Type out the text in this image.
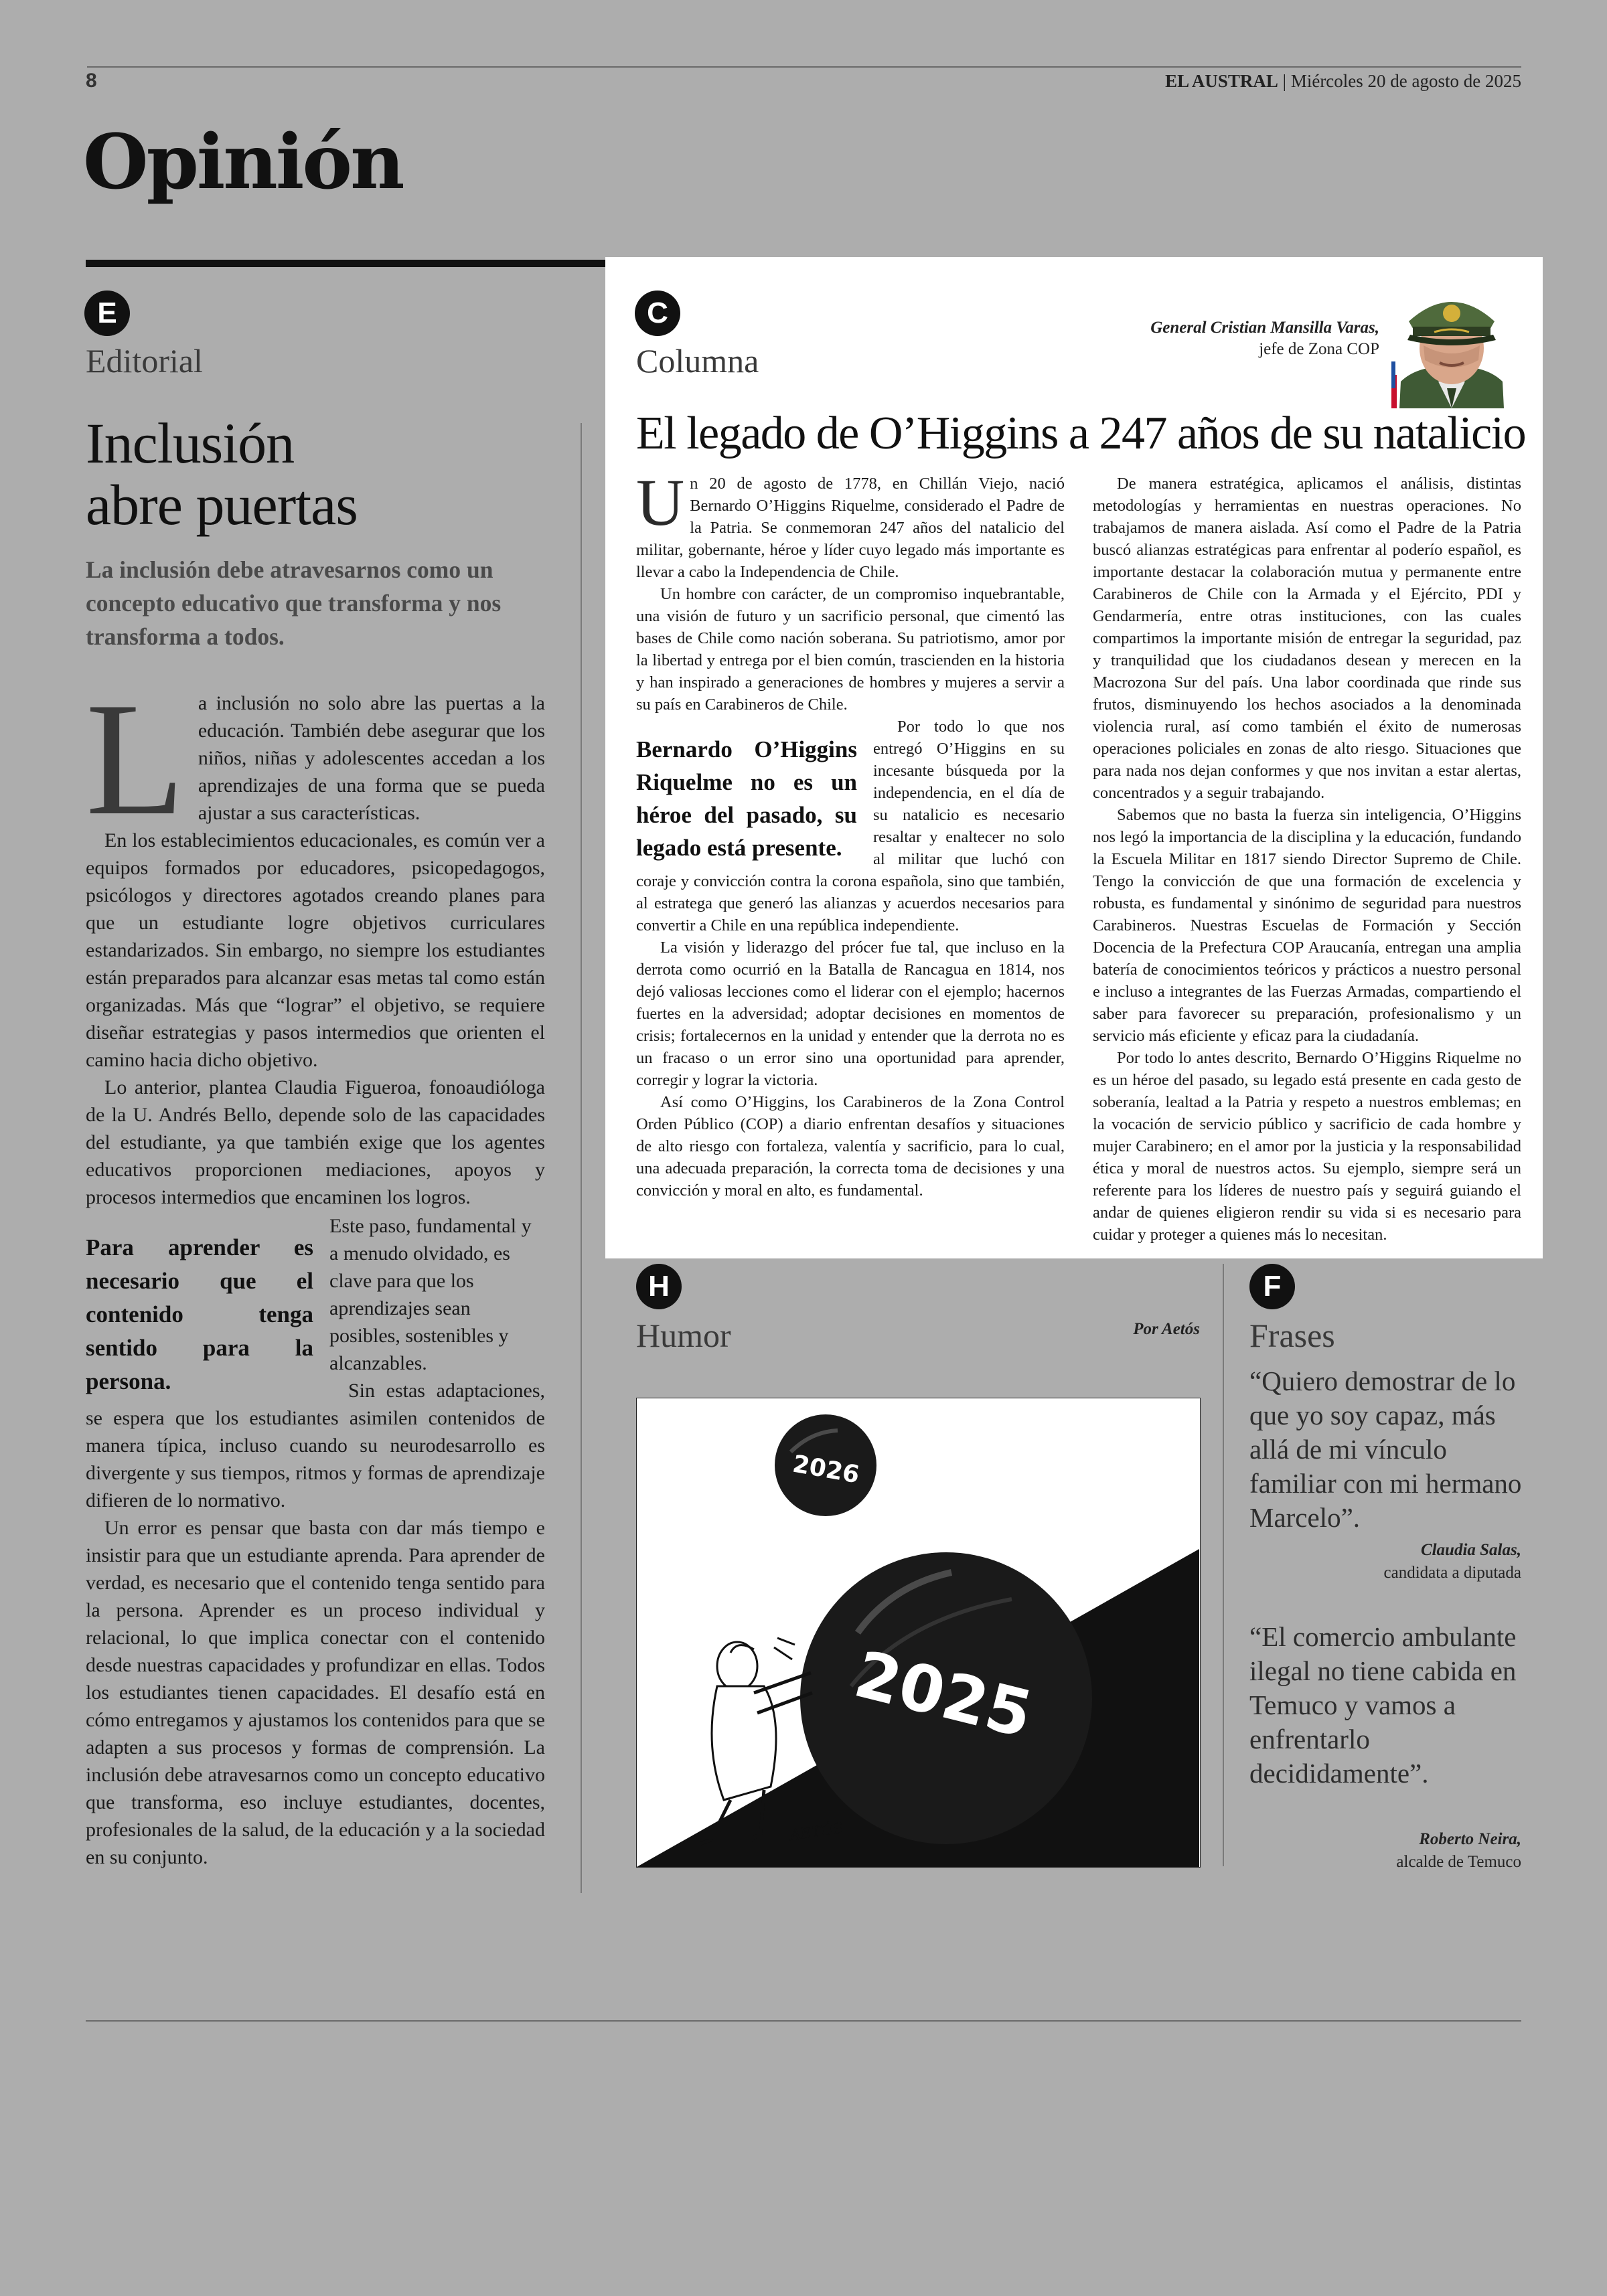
8	EL AUSTRAL | Miércoles 20 de agosto de 2025
Opinión
E
Editorial
Inclusión
abre puertas
La inclusión debe atravesarnos como un concepto educativo que transforma y nos transforma a todos.

La inclusión no solo abre las puertas a la educación. También debe asegurar que los niños, niñas y adolescentes accedan a los aprendizajes de una forma que se pueda ajustar a sus características.

En los establecimientos educacionales, es común ver a equipos formados por educadores, psicopedagogos, psicólogos y directores agotados creando planes para que un estudiante logre objetivos curriculares estandarizados. Sin embargo, no siempre los estudiantes están preparados para alcanzar esas metas tal como están organizadas. Más que “lograr” el objetivo, se requiere diseñar estrategias y pasos intermedios que orienten el camino hacia dicho objetivo.

Lo anterior, plantea Claudia Figueroa, fonoaudióloga de la U. Andrés Bello, depende solo de las capacidades del estudiante, ya que también exige que los agentes educativos proporcionen mediaciones, apoyos y procesos intermedios que encaminen los logros.

Para aprender es necesario que el contenido tenga sentido para la persona.

Este paso, fundamental y a menudo olvidado, es clave para que los aprendizajes sean posibles, sostenibles y alcanzables.

Sin estas adaptaciones, se espera que los estudiantes asimilen contenidos de manera típica, incluso cuando su neurodesarrollo es divergente y sus tiempos, ritmos y formas de aprendizaje difieren de lo normativo.

Un error es pensar que basta con dar más tiempo e insistir para que un estudiante aprenda. Para aprender de verdad, es necesario que el contenido tenga sentido para la persona. Aprender es un proceso individual y relacional, lo que implica conectar con el contenido desde nuestras capacidades y profundizar en ellas. Todos los estudiantes tienen capacidades. El desafío está en cómo entregamos y ajustamos los contenidos para que se adapten a sus procesos y formas de comprensión. La inclusión debe atravesarnos como un concepto educativo que transforma, eso incluye estudiantes, docentes, profesionales de la salud, de la educación y a la sociedad en su conjunto.

C
Columna
General Cristian Mansilla Varas,
jefe de Zona COP
El legado de O’Higgins a 247 años de su natalicio

Un 20 de agosto de 1778, en Chillán Viejo, nació Bernardo O’Higgins Riquelme, considerado el Padre de la Patria. Se conmemoran 247 años del natalicio del militar, gobernante, héroe y líder cuyo legado más importante es llevar a cabo la Independencia de Chile.

Un hombre con carácter, de un compromiso inquebrantable, una visión de futuro y un sacrificio personal, que cimentó las bases de Chile como nación soberana. Su patriotismo, amor por la libertad y entrega por el bien común, trascienden en la historia y han inspirado a generaciones de hombres y mujeres a servir a su país en Carabineros de Chile.

Bernardo O’Higgins Riquelme no es un héroe del pasado, su legado está presente.

Por todo lo que nos entregó O’Higgins en su incesante búsqueda por la independencia, en el día de su natalicio es necesario resaltar y enaltecer no solo al militar que luchó con coraje y convicción contra la corona española, sino que también, al estratega que generó las alianzas y acuerdos necesarios para convertir a Chile en una república independiente.

La visión y liderazgo del prócer fue tal, que incluso en la derrota como ocurrió en la Batalla de Rancagua en 1814, nos dejó valiosas lecciones como el liderar con el ejemplo; hacernos fuertes en la adversidad; adoptar decisiones en momentos de crisis; fortalecernos en la unidad y entender que la derrota no es un fracaso o un error sino una oportunidad para aprender, corregir y lograr la victoria.

Así como O’Higgins, los Carabineros de la Zona Control Orden Público (COP) a diario enfrentan desafíos y situaciones de alto riesgo con fortaleza, valentía y sacrificio, para lo cual, una adecuada preparación, la correcta toma de decisiones y una convicción y moral en alto, es fundamental.

De manera estratégica, aplicamos el análisis, distintas metodologías y herramientas en nuestras operaciones. No trabajamos de manera aislada. Así como el Padre de la Patria buscó alianzas estratégicas para enfrentar al poderío español, es importante destacar la colaboración mutua y permanente entre Carabineros de Chile con la Armada y el Ejército, PDI y Gendarmería, entre otras instituciones, con las cuales compartimos la importante misión de entregar la seguridad, paz y tranquilidad que los ciudadanos desean y merecen en la Macrozona Sur del país. Una labor coordinada que rinde sus frutos, disminuyendo los hechos asociados a la denominada violencia rural, así como también el éxito de numerosas operaciones policiales en zonas de alto riesgo. Situaciones que para nada nos dejan conformes y que nos invitan a estar alertas, concentrados y a seguir trabajando.

Sabemos que no basta la fuerza sin inteligencia, O’Higgins nos legó la importancia de la disciplina y la educación, fundando la Escuela Militar en 1817 siendo Director Supremo de Chile. Tengo la convicción de que una formación de excelencia y robusta, es fundamental y sinónimo de seguridad para nuestros Carabineros. Nuestras Escuelas de Formación y Sección Docencia de la Prefectura COP Araucanía, entregan una amplia batería de conocimientos teóricos y prácticos a nuestro personal e incluso a integrantes de las Fuerzas Armadas, compartiendo el saber para favorecer su preparación, profesionalismo y un servicio más eficiente y eficaz para la ciudadanía.

Por todo lo antes descrito, Bernardo O’Higgins Riquelme no es un héroe del pasado, su legado está presente en cada gesto de soberanía, lealtad a la Patria y respeto a nuestros emblemas; en la vocación de servicio público y sacrificio de cada hombre y mujer Carabinero; en el amor por la justicia y la responsabilidad ética y moral de nuestros actos. Su ejemplo, siempre será un referente para los líderes de nuestro país y seguirá guiando el andar de quienes eligieron rendir su vida si es necesario para cuidar y proteger a quienes más lo necesitan.

H
Humor	Por Aetós
2025
2026
AETÓS
F
Frases
“Quiero demostrar de lo que yo soy capaz, más allá de mi vínculo familiar con mi hermano Marcelo”.
Claudia Salas,
candidata a diputada
“El comercio ambulante ilegal no tiene cabida en Temuco y vamos a enfrentarlo decididamente”.
Roberto Neira,
alcalde de Temuco
